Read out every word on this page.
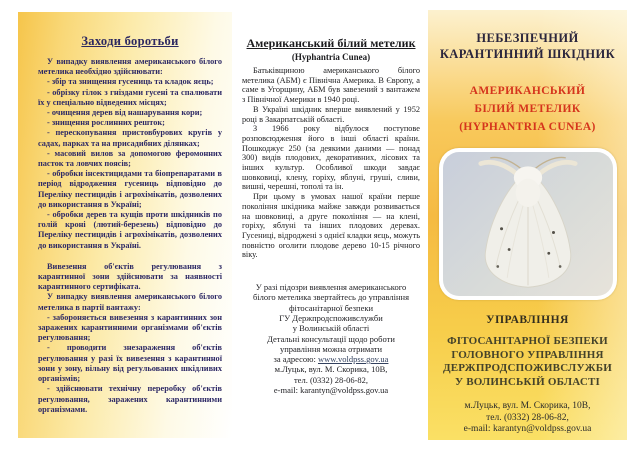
Заходи боротьби

У випадку виявлення американського білого метелика необхідно здійснювати:

- збір та знищення гусениць та кладок яєць;

- обрізку гілок з гніздами гусені та спалювати їх у спеціально відведених місцях;

- очищення дерев від нашарування кори;

- знищення рослинних решток;

- перескопування пристовбурових кругів у садах, парках та на присадибних ділянках;

- масовий вилов за допомогою феромонних пасток та ловчих поясів;

- обробки інсектицидами та біопрепаратами в період відродження гусениць відповідно до Переліку пестицидів і агрохімікатів, дозволених до використання в Україні;

- обробки дерев та кущів проти шкідників по голій кроні (лютий-березень) відповідно до Переліку пестицидів і агрохімікатів, дозволених до використання в Україні.

Вивезення об'єктів регулювання з карантинної зони здійснювати за наявності карантинного сертифіката.

У випадку виявлення американського білого метелика в партії вантажу:

- забороняється вивезення з карантинних зон заражених карантинними організмами об'єктів регулювання;

- проводити знезараження об'єктів регулювання у разі їх вивезення з карантинної зони у зону, вільну від регульованих шкідливих організмів;

- здійснювати технічну переробку об'єктів регулювання, заражених карантинними організмами.

Американський білий метелик
(Hyphantria Cunea)

Батьківщиною американського білого метелика (АБМ) є Північна Америка. В Європу, а саме в Угорщину, АБМ був завезений з вантажем з Північної Америки в 1940 році.

В Україні шкідник вперше виявлений у 1952 році в Закарпатській області.

З 1966 року відбулося поступове розповсюдження його в інші області країни. Пошкоджує 250 (за деякими даними — понад 300) видів плодових, декоративних, лісових та інших культур. Особливої шкоди завдає шовковиці, клену, горіху, яблуні, груші, сливи, вишні, черешні, тополі та ін.

При цьому в умовах нашої країни перше покоління шкідника майже завжди розвивається на шовковиці, а друге покоління — на клені, горіху, яблуні та інших плодових деревах. Гусениці, відроджені з однієї кладки яєць, можуть повністю оголити плодове дерево 10-15 річного віку.

У разі підозри виявлення американського

білого метелика звертайтесь до управління

фітосанітарної безпеки

ГУ Держпродспоживслужби

у Волинській області

Детальні консультації щодо роботи

управління можна отримати

за адресою: www.voldpss.gov.ua

м.Луцьк, вул. М. Скорика, 10В,

тел. (0332) 28-06-82,

e-mail: karantyn@voldpss.gov.ua

НЕБЕЗПЕЧНИЙ

КАРАНТИННИЙ ШКІДНИК

АМЕРИКАНСЬКИЙ

БІЛИЙ МЕТЕЛИК

(HYPHANTRIA CUNEA)

УПРАВЛІННЯ

ФІТОСАНІТАРНОЇ БЕЗПЕКИ

ГОЛОВНОГО УПРАВЛІННЯ

ДЕРЖПРОДСПОЖИВСЛУЖБИ

У ВОЛИНСЬКІЙ ОБЛАСТІ

м.Луцьк, вул. М. Скорика, 10В,

тел. (0332) 28-06-82,

e-mail: karantyn@voldpss.gov.ua
